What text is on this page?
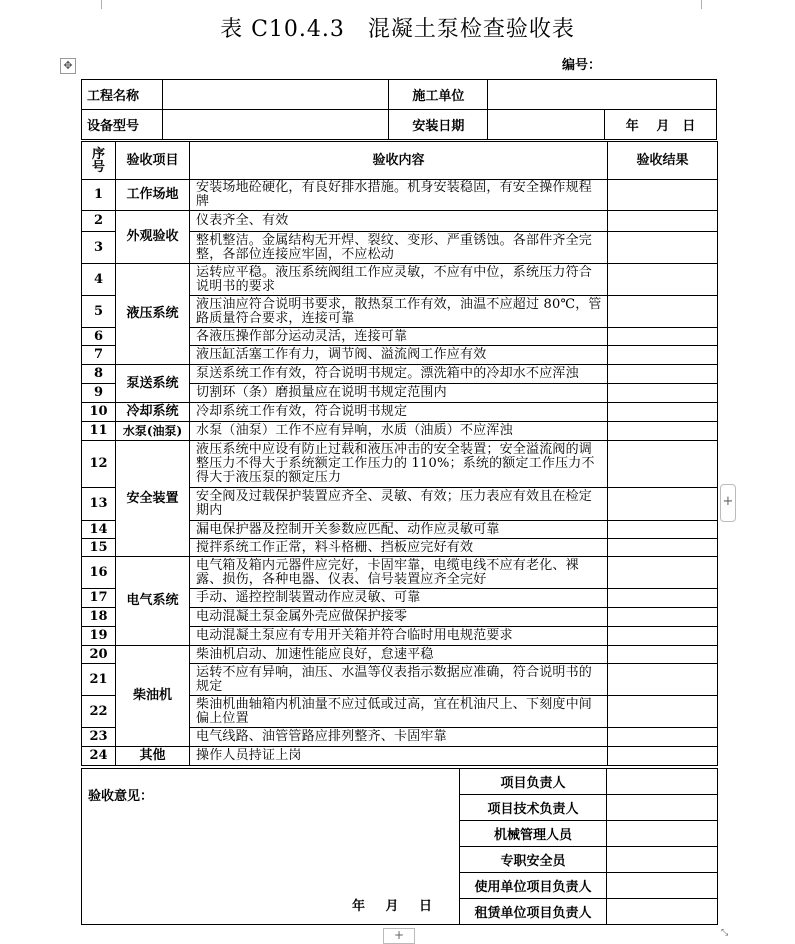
|	|
表 C10.4.3　混凝土泵检查验收表
编号：
✥
工程名称		施工单位		
设备型号		安装日期		年　 月　日
序号	验收项目	验收内容	验收结果
1	工作场地	安装场地砼硬化，有良好排水措施。机身安装稳固，有安全操作规程牌	
2	外观验收	仪表齐全、有效	
3		整机整洁。金属结构无开焊、裂纹、变形、严重锈蚀。各部件齐全完整，各部位连接应牢固，不应松动	
4	液压系统	运转应平稳。液压系统阀组工作应灵敏，不应有中位，系统压力符合说明书的要求	
5		液压油应符合说明书要求，散热泵工作有效，油温不应超过 80℃，管路质量符合要求，连接可靠	
6		各液压操作部分运动灵活，连接可靠	
7		液压缸活塞工作有力，调节阀、溢流阀工作应有效	
8	泵送系统	泵送系统工作有效，符合说明书规定。漂洗箱中的冷却水不应浑浊	
9		切割环（条）磨损量应在说明书规定范围内	
10	冷却系统	冷却系统工作有效，符合说明书规定	
11	水泵(油泵)	水泵（油泵）工作不应有异响，水质（油质）不应浑浊	
12	安全装置	液压系统中应设有防止过载和液压冲击的安全装置；安全溢流阀的调整压力不得大于系统额定工作压力的 110%；系统的额定工作压力不得大于液压泵的额定压力	
13		安全阀及过载保护装置应齐全、灵敏、有效；压力表应有效且在检定期内	
14		漏电保护器及控制开关参数应匹配、动作应灵敏可靠	
15		搅拌系统工作正常，料斗格栅、挡板应完好有效	
16	电气系统	电气箱及箱内元器件应完好，卡固牢靠，电缆电线不应有老化、裸露、损伤，各种电器、仪表、信号装置应齐全完好	
17		手动、遥控控制装置动作应灵敏、可靠	
18		电动混凝土泵金属外壳应做保护接零	
19		电动混凝土泵应有专用开关箱并符合临时用电规范要求	
20	柴油机	柴油机启动、加速性能应良好，怠速平稳	
21		运转不应有异响，油压、水温等仪表指示数据应准确，符合说明书的规定	
22		柴油机曲轴箱内机油量不应过低或过高，宜在机油尺上、下刻度中间偏上位置	
23		电气线路、油管管路应排列整齐、卡固牢靠	
24	其他	操作人员持证上岗	
验收意见：
年　 月　 日	项目负责人	
	项目技术负责人	
	机械管理人员	
	专职安全员	
	使用单位项目负责人	
	租赁单位项目负责人	
+
+	⤡
